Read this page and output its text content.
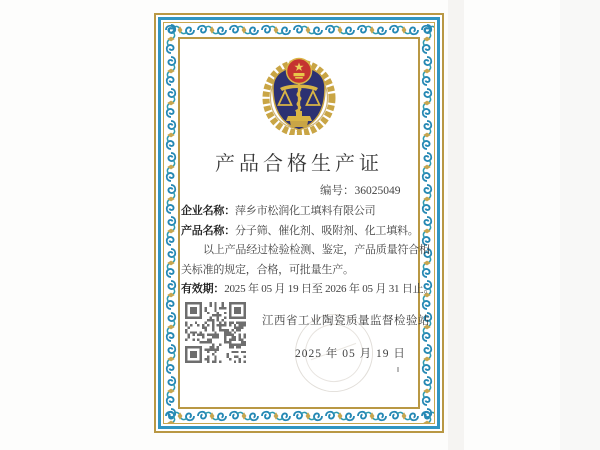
产品合格生产证
编号：36025049
企业名称：萍乡市松润化工填料有限公司
产品名称：分子筛、催化剂、吸附剂、化工填料。
以上产品经过检验检测、鉴定，产品质量符合相
关标准的规定，合格，可批量生产。
有效期：2025 年 05 月 19 日至 2026 年 05 月 31 日止。
江西省工业陶瓷质量监督检验站
2025 年 05 月 19 日
